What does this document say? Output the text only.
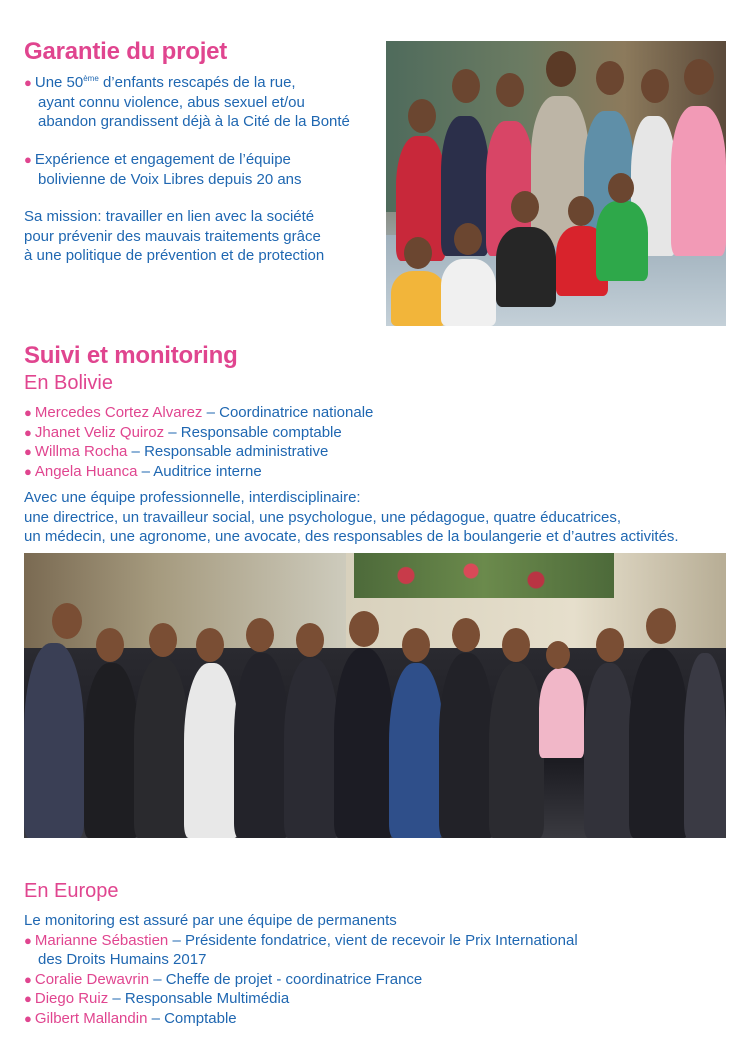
Garantie du projet
● Une 50ème d’enfants rescapés de la rue,
ayant connu violence, abus sexuel et/ou
abandon grandissent déjà à la Cité de la Bonté
● Expérience et engagement de l’équipe
bolivienne de Voix Libres depuis 20 ans
Sa mission: travailler en lien avec la société
pour prévenir des mauvais traitements grâce
à une politique de prévention et de protection
Suivi et monitoring
En Bolivie
● Mercedes Cortez Alvarez – Coordinatrice nationale
● Jhanet Veliz Quiroz – Responsable comptable
● Willma Rocha – Responsable administrative
● Angela Huanca – Auditrice interne
Avec une équipe professionnelle, interdisciplinaire:
une directrice, un travailleur social, une psychologue, une pédagogue, quatre éducatrices,
un médecin, une agronome, une avocate, des responsables de la boulangerie et d’autres activités.
En Europe
Le monitoring est assuré par une équipe de permanents
● Marianne Sébastien – Présidente fondatrice, vient de recevoir le Prix International
des Droits Humains 2017
● Coralie Dewavrin – Cheffe de projet - coordinatrice France
● Diego Ruiz – Responsable Multimédia
● Gilbert Mallandin – Comptable
